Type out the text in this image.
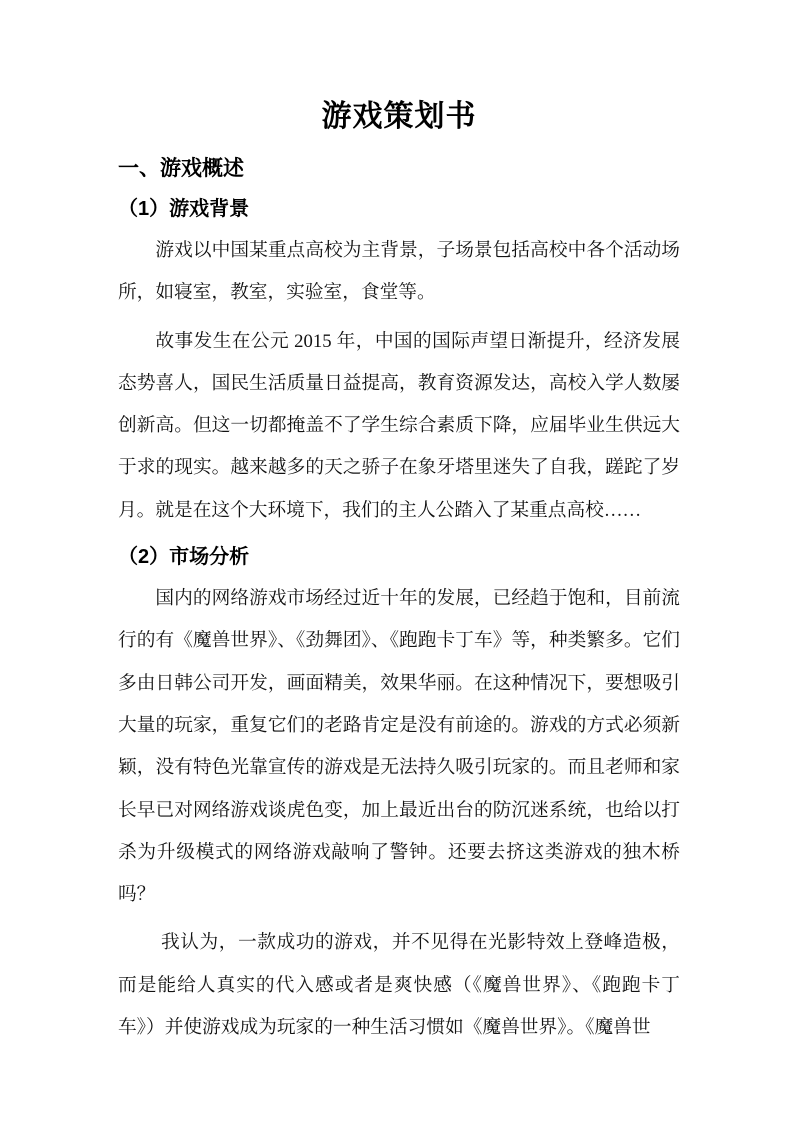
游戏策划书
一、游戏概述
（1）游戏背景

游戏以中国某重点高校为主背景，子场景包括高校中各个活动场所，如寝室，教室，实验室，食堂等。

故事发生在公元 2015 年，中国的国际声望日渐提升，经济发展态势喜人，国民生活质量日益提高，教育资源发达，高校入学人数屡创新高。但这一切都掩盖不了学生综合素质下降，应届毕业生供远大于求的现实。越来越多的天之骄子在象牙塔里迷失了自我，蹉跎了岁月。就是在这个大环境下，我们的主人公踏入了某重点高校……

（2）市场分析

国内的网络游戏市场经过近十年的发展，已经趋于饱和，目前流行的有《魔兽世界》、《劲舞团》、《跑跑卡丁车》等，种类繁多。它们多由日韩公司开发，画面精美，效果华丽。在这种情况下，要想吸引大量的玩家，重复它们的老路肯定是没有前途的。游戏的方式必须新颖，没有特色光靠宣传的游戏是无法持久吸引玩家的。而且老师和家长早已对网络游戏谈虎色变，加上最近出台的防沉迷系统，也给以打杀为升级模式的网络游戏敲响了警钟。还要去挤这类游戏的独木桥吗？

我认为，一款成功的游戏，并不见得在光影特效上登峰造极，而是能给人真实的代入感或者是爽快感（《魔兽世界》、《跑跑卡丁车》）并使游戏成为玩家的一种生活习惯如《魔兽世界》。《魔兽世
